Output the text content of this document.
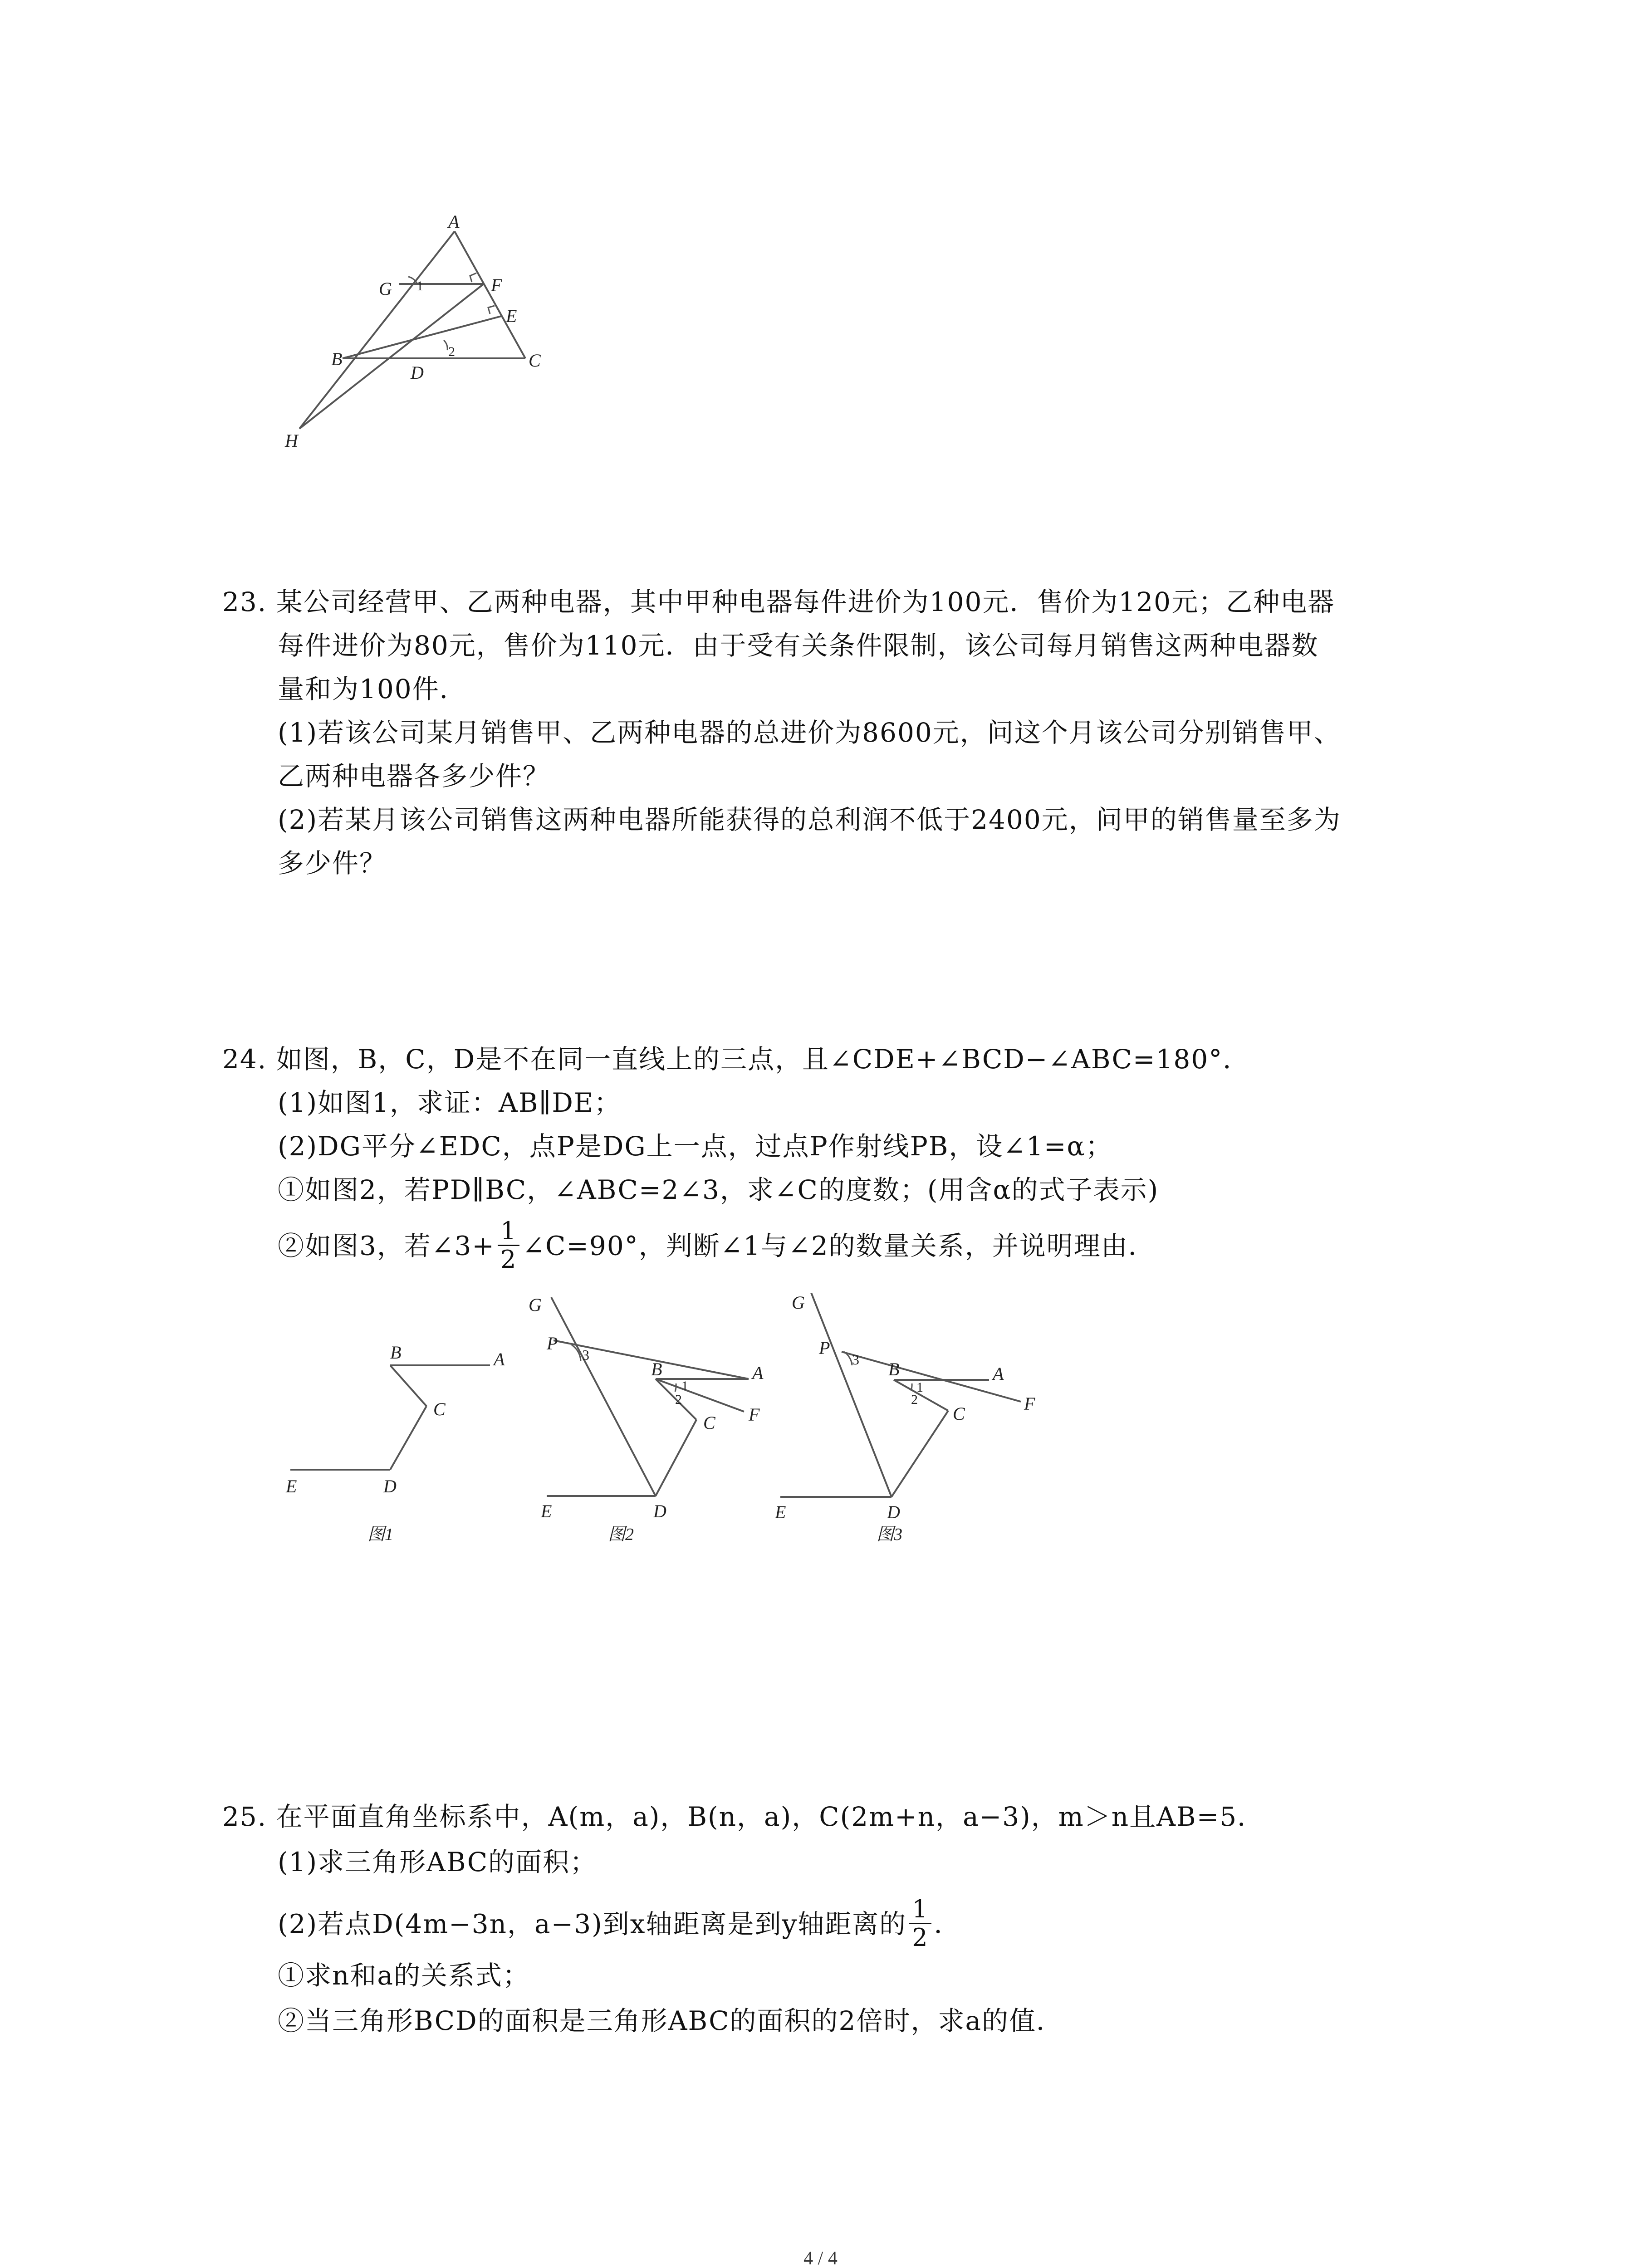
A
G 1	F
E
B	2	C
D
H
23. 某公司经营甲、乙两种电器，其中甲种电器每件进价为100元．售价为120元；乙种电器
每件进价为80元，售价为110元．由于受有关条件限制，该公司每月销售这两种电器数
量和为100件．
(1)若该公司某月销售甲、乙两种电器的总进价为8600元，问这个月该公司分别销售甲、
乙两种电器各多少件？
(2)若某月该公司销售这两种电器所能获得的总利润不低于2400元，问甲的销售量至多为
多少件？
24. 如图，B，C，D是不在同一直线上的三点，且∠CDE+∠BCD−∠ABC=180°．
(1)如图1，求证：AB∥DE；
(2)DG平分∠EDC，点P是DG上一点，过点P作射线PB，设∠1=α；
①如图2，若PD∥BC，∠ABC=2∠3，求∠C的度数；(用含α的式子表示)
②如图3，若∠3+ $\frac{1}{2}$ ∠C=90°，判断∠1与∠2的数量关系，并说明理由．
B	A
C
E	D
图1
G
P
3
B	A
1
2
F
C
E	D
图2
G
P
3 B	A
1
2	F
C
E	D
图3
25. 在平面直角坐标系中，A(m，a)，B(n，a)，C(2m+n，a−3)，m＞n且AB=5．
(1)求三角形ABC的面积；
(2)若点D(4m−3n，a−3)到x轴距离是到y轴距离的 $\frac{1}{2}$ ．
①求n和a的关系式；
②当三角形BCD的面积是三角形ABC的面积的2倍时，求a的值．
4 / 4
